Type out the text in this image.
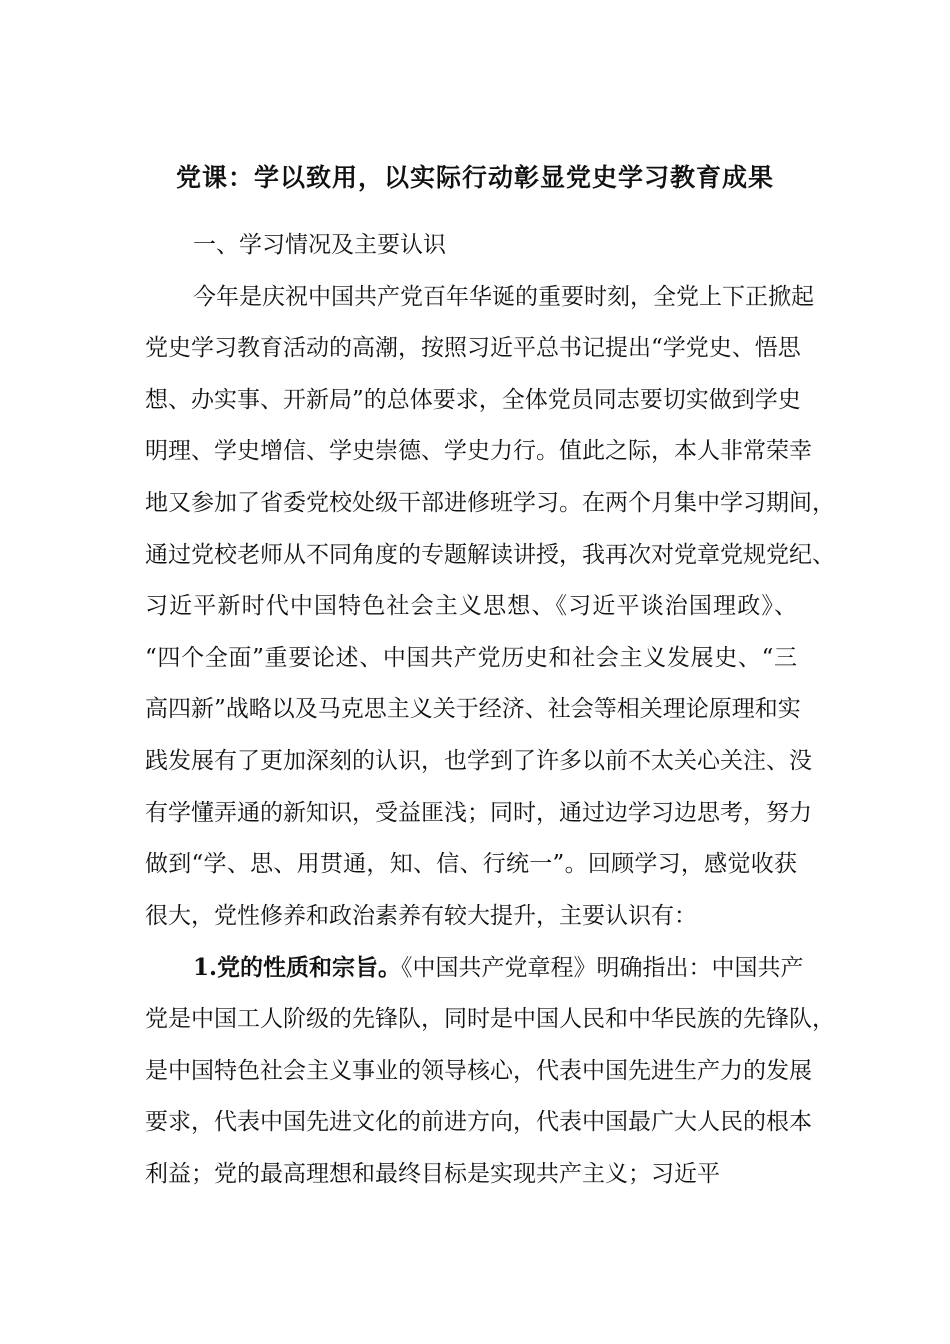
党课：学以致用，以实际行动彰显党史学习教育成果
一、学习情况及主要认识
今年是庆祝中国共产党百年华诞的重要时刻，全党上下正掀起
党史学习教育活动的高潮，按照习近平总书记提出“学党史、悟思
想、办实事、开新局”的总体要求，全体党员同志要切实做到学史
明理、学史增信、学史崇德、学史力行。值此之际，本人非常荣幸
地又参加了省委党校处级干部进修班学习。在两个月集中学习期间，
通过党校老师从不同角度的专题解读讲授，我再次对党章党规党纪、
习近平新时代中国特色社会主义思想、《习近平谈治国理政》、
“四个全面”重要论述、中国共产党历史和社会主义发展史、“三
高四新”战略以及马克思主义关于经济、社会等相关理论原理和实
践发展有了更加深刻的认识，也学到了许多以前不太关心关注、没
有学懂弄通的新知识，受益匪浅；同时，通过边学习边思考，努力
做到“学、思、用贯通，知、信、行统一”。回顾学习，感觉收获
很大，党性修养和政治素养有较大提升，主要认识有：
1.党的性质和宗旨。《中国共产党章程》明确指出：中国共产
党是中国工人阶级的先锋队，同时是中国人民和中华民族的先锋队，
是中国特色社会主义事业的领导核心，代表中国先进生产力的发展
要求，代表中国先进文化的前进方向，代表中国最广大人民的根本
利益；党的最高理想和最终目标是实现共产主义；习近平
